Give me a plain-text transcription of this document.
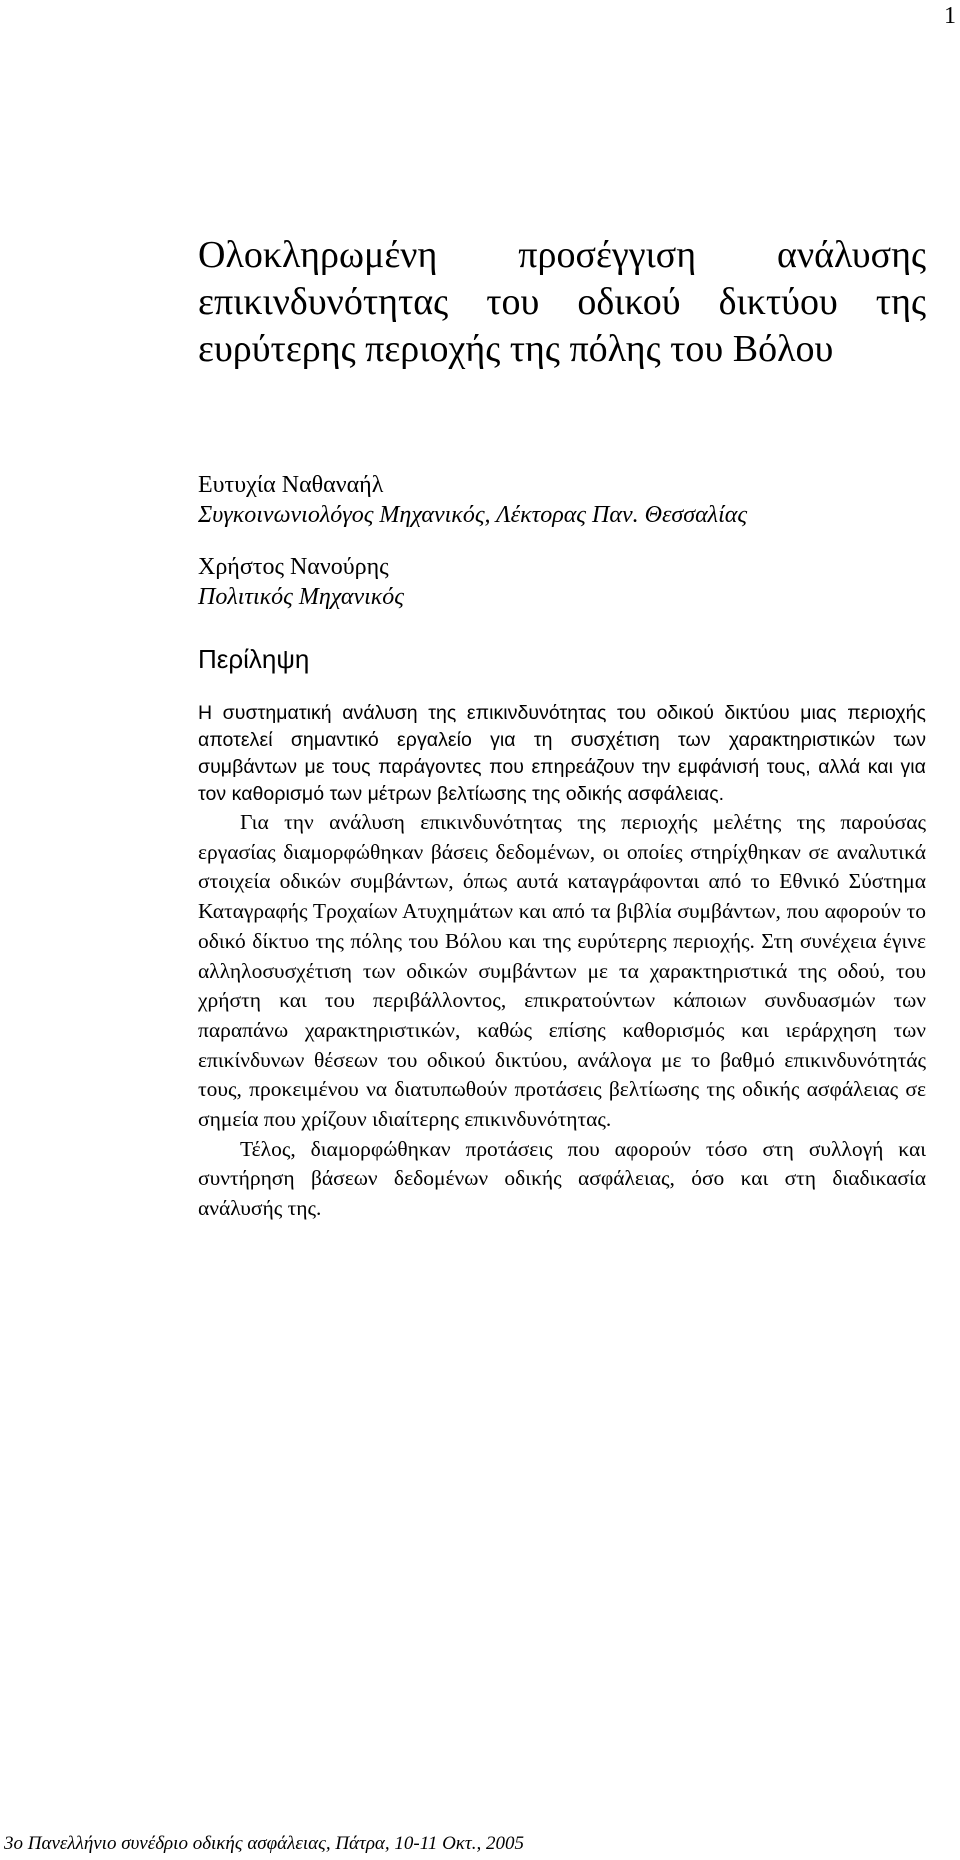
1
Ολοκληρωμένη προσέγγιση ανάλυσης επικινδυνότητας του οδικού δικτύου της ευρύτερης περιοχής της πόλης του Βόλου
Ευτυχία Ναθαναήλ
Συγκοινωνιολόγος Μηχανικός, Λέκτορας Παν. Θεσσαλίας
Χρήστος Νανούρης
Πολιτικός Μηχανικός
Περίληψη

Η συστηματική ανάλυση της επικινδυνότητας του οδικού δικτύου μιας περιοχής αποτελεί σημαντικό εργαλείο για τη συσχέτιση των χαρακτηριστικών των συμβάντων με τους παράγοντες που επηρεάζουν την εμφάνισή τους, αλλά και για τον καθορισμό των μέτρων βελτίωσης της οδικής ασφάλειας.

Για την ανάλυση επικινδυνότητας της περιοχής μελέτης της παρούσας εργασίας διαμορφώθηκαν βάσεις δεδομένων, οι οποίες στηρίχθηκαν σε αναλυτικά στοιχεία οδικών συμβάντων, όπως αυτά καταγράφονται από το Εθνικό Σύστημα Καταγραφής Τροχαίων Ατυχημάτων και από τα βιβλία συμβάντων, που αφορούν το οδικό δίκτυο της πόλης του Βόλου και της ευρύτερης περιοχής. Στη συνέχεια έγινε αλληλοσυσχέτιση των οδικών συμβάντων με τα χαρακτηριστικά της οδού, του χρήστη και του περιβάλλοντος, επικρατούντων κάποιων συνδυασμών των παραπάνω χαρακτηριστικών, καθώς επίσης καθορισμός και ιεράρχηση των επικίνδυνων θέσεων του οδικού δικτύου, ανάλογα με το βαθμό επικινδυνότητάς τους, προκειμένου να διατυπωθούν προτάσεις βελτίωσης της οδικής ασφάλειας σε σημεία που χρίζουν ιδιαίτερης επικινδυνότητας.

Τέλος, διαμορφώθηκαν προτάσεις που αφορούν τόσο στη συλλογή και συντήρηση βάσεων δεδομένων οδικής ασφάλειας, όσο και στη διαδικασία ανάλυσής της.

3ο Πανελλήνιο συνέδριο οδικής ασφάλειας, Πάτρα, 10-11 Οκτ., 2005
